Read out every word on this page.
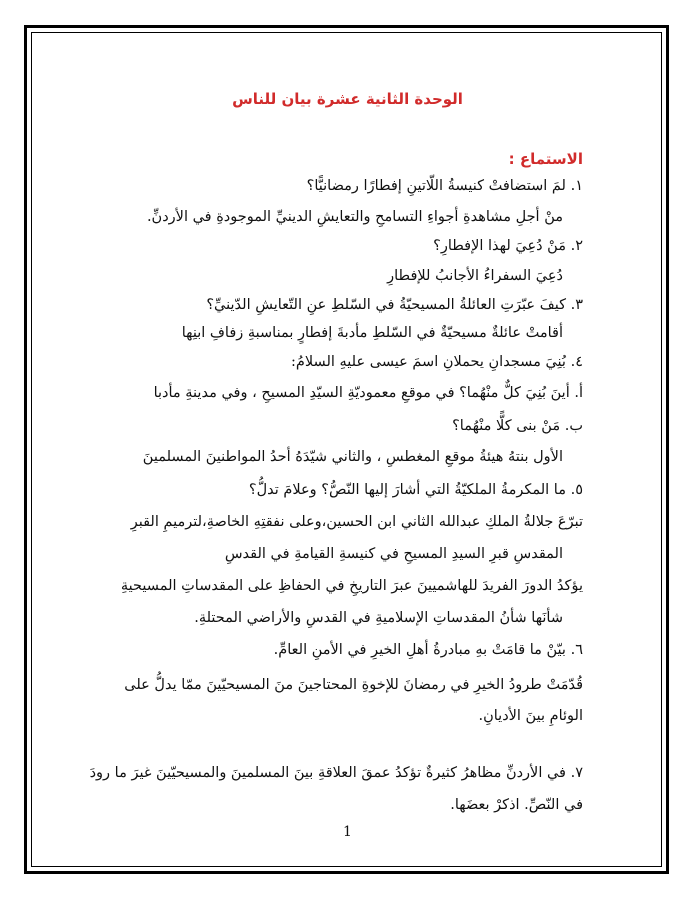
الوحدة الثانية عشرة بيان للناس
الاستماع :
١. لمَ استضافتْ كنيسةُ اللّاتينِ إفطارًا رمضانيًّا؟
منْ أجلِ مشاهدةِ أجواءِ التسامحِ والتعايشِ الدينيِّ الموجودةِ في الأردنِّ.
٢. مَنْ دُعِيَ لهذا الإفطارِ؟
دُعِيَ السفراءُ الأجانبُ للإفطارِ
٣. كيفَ عبّرَتِ العائلةُ المسيحيّةُ في السّلطِ عنِ التّعايشِ الدّينيِّ؟
أقامتْ عائلةٌ مسيحيّةٌ في السّلطِ مأدبةَ إفطارٍ بمناسبةِ زفافِ ابنِها
٤. بُنِيَ مسجدانِ يحملانِ اسمَ عيسى عليهِ السلامُ:
أ. أينَ بُنِيَ كلٌّ منْهُما؟ في موقعِ معموديّةِ السيّدِ المسيحِ ، وفي مدينةِ مأدبا
ب. مَنْ بنى كلًّا منْهُما؟
الأول بنتهُ هيئةُ موقعِ المغطسِ ، والثاني شيّدَهُ أحدُ المواطنينَ المسلمينَ
٥. ما المكرمةُ الملكيّةُ التي أشارَ إليها النّصُّ؟ وعلامَ تدلُّ؟
تبرّعَ جلالةُ الملكِ عبدالله الثاني ابن الحسين،وعلى نفقتِهِ الخاصةِ،لترميمِ القبرِ
المقدسِ قبرِ السيدِ المسيحِ في كنيسةِ القيامةِ في القدسِ
يؤكدُ الدورَ الفريدَ للهاشميينَ عبرَ التاريخِ في الحفاظِ على المقدساتِ المسيحيةِ
شأنَها شأنُ المقدساتِ الإسلاميةِ في القدسِ والأراضي المحتلةِ.
٦. بيّنْ ما قامَتْ بهِ مبادرةُ أهلِ الخيرِ في الأمنِ العامِّ.
قُدّمَتْ طرودُ الخيرِ في رمضانَ للإخوةِ المحتاجينَ منَ المسيحيّينَ ممّا يدلُّ على
الوئامِ بينَ الأديانِ.
٧. في الأردنِّ مظاهرُ كثيرةٌ تؤكدُ عمقَ العلاقةِ بينَ المسلمينَ والمسيحيّينَ غيرَ ما رودَ
في النّصِّ. اذكرْ بعضَها.
1
